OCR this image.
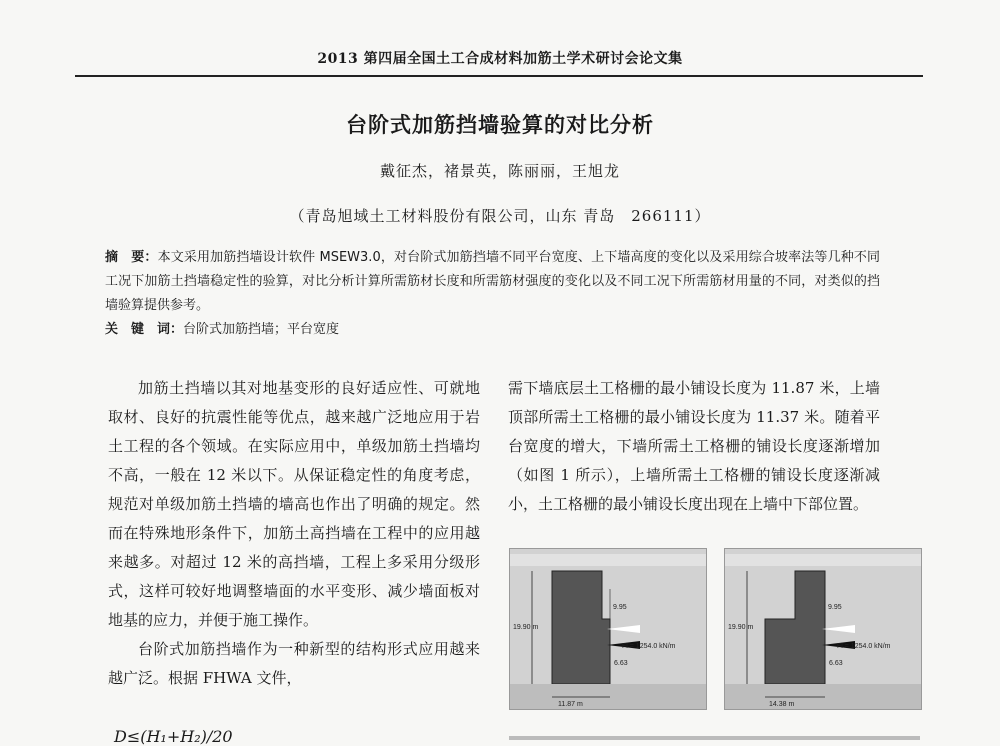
2013 第四届全国土工合成材料加筋土学术研讨会论文集
台阶式加筋挡墙验算的对比分析
戴征杰，褚景英，陈丽丽，王旭龙
（青岛旭域土工材料股份有限公司，山东 青岛　266111）
摘　要：本文采用加筋挡墙设计软件 MSEW3.0，对台阶式加筋挡墙不同平台宽度、上下墙高度的变化以及采用综合坡率法等几种不同工况下加筋土挡墙稳定性的验算，对比分析计算所需筋材长度和所需筋材强度的变化以及不同工况下所需筋材用量的不同，对类似的挡墙验算提供参考。
关　键　词：台阶式加筋挡墙；平台宽度

加筋土挡墙以其对地基变形的良好适应性、可就地取材、良好的抗震性能等优点，越来越广泛地应用于岩土工程的各个领域。在实际应用中，单级加筋土挡墙均不高，一般在 12 米以下。从保证稳定性的角度考虑，规范对单级加筋土挡墙的墙高也作出了明确的规定。然而在特殊地形条件下，加筋土高挡墙在工程中的应用越来越多。对超过 12 米的高挡墙，工程上多采用分级形式，这样可较好地调整墙面的水平变形、减少墙面板对地基的应力，并便于施工操作。

台阶式加筋挡墙作为一种新型的结构形式应用越来越广泛。根据 FHWA 文件，

D≤(H₁+H₂)/20

需下墙底层土工格栅的最小铺设长度为 11.87 米，上墙顶部所需土工格栅的最小铺设长度为 11.37 米。随着平台宽度的增大，下墙所需土工格栅的铺设长度逐渐增加（如图 1 所示），上墙所需土工格栅的铺设长度逐渐减小，土工格栅的最小铺设长度出现在上墙中下部位置。

19.90 m
9.95
Fl = 1254.0 kN/m
6.63
11.87 m
19.90 m
9.95
Fl = 1254.0 kN/m
6.63
14.38 m
